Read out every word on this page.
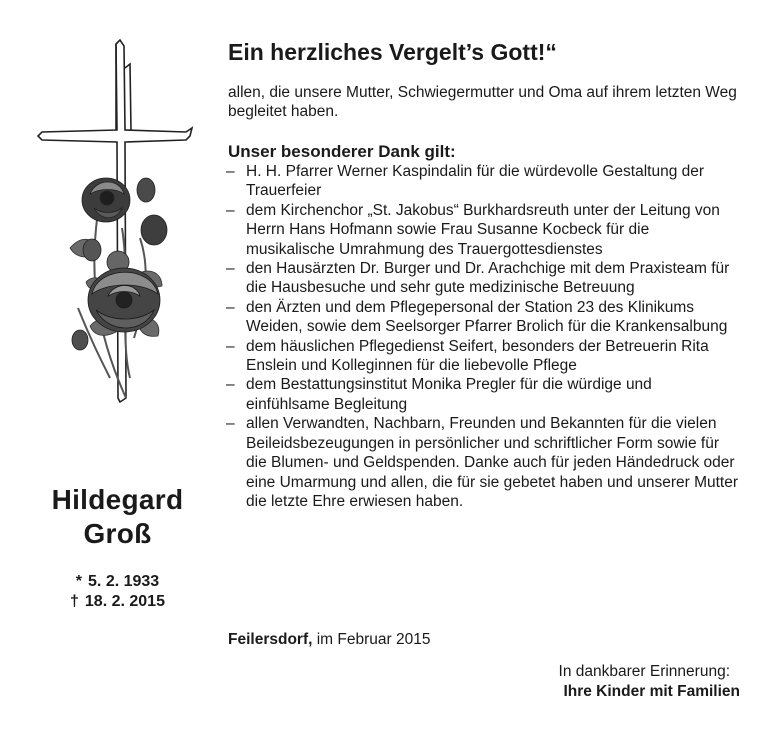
Hildegard
Groß
* 5. 2. 1933
† 18. 2. 2015
Ein herzliches Vergelt’s Gott!“
allen, die unsere Mutter, Schwiegermutter und Oma auf ihrem letzten Weg begleitet haben.
Unser besonderer Dank gilt:
– H. H. Pfarrer Werner Kaspindalin für die würdevolle Gestaltung der Trauerfeier
– dem Kirchenchor „St. Jakobus“ Burkhardsreuth unter der Leitung von Herrn Hans Hofmann sowie Frau Susanne Kocbeck für die musikalische Umrahmung des Trauergottesdienstes
– den Hausärzten Dr. Burger und Dr. Arachchige mit dem Praxisteam für die Hausbesuche und sehr gute medizinische Betreuung
– den Ärzten und dem Pflegepersonal der Station 23 des Klinikums Weiden, sowie dem Seelsorger Pfarrer Brolich für die Krankensalbung
– dem häuslichen Pflegedienst Seifert, besonders der Betreuerin Rita Enslein und Kolleginnen für die liebevolle Pflege
– dem Bestattungsinstitut Monika Pregler für die würdige und einfühlsame Begleitung
– allen Verwandten, Nachbarn, Freunden und Bekannten für die vielen Beileidsbezeugungen in persönlicher und schriftlicher Form sowie für die Blumen- und Geldspenden. Danke auch für jeden Händedruck oder eine Umarmung und allen, die für sie gebetet haben und unserer Mutter die letzte Ehre erwiesen haben.
Feilersdorf, im Februar 2015
In dankbarer Erinnerung:
Ihre Kinder mit Familien
